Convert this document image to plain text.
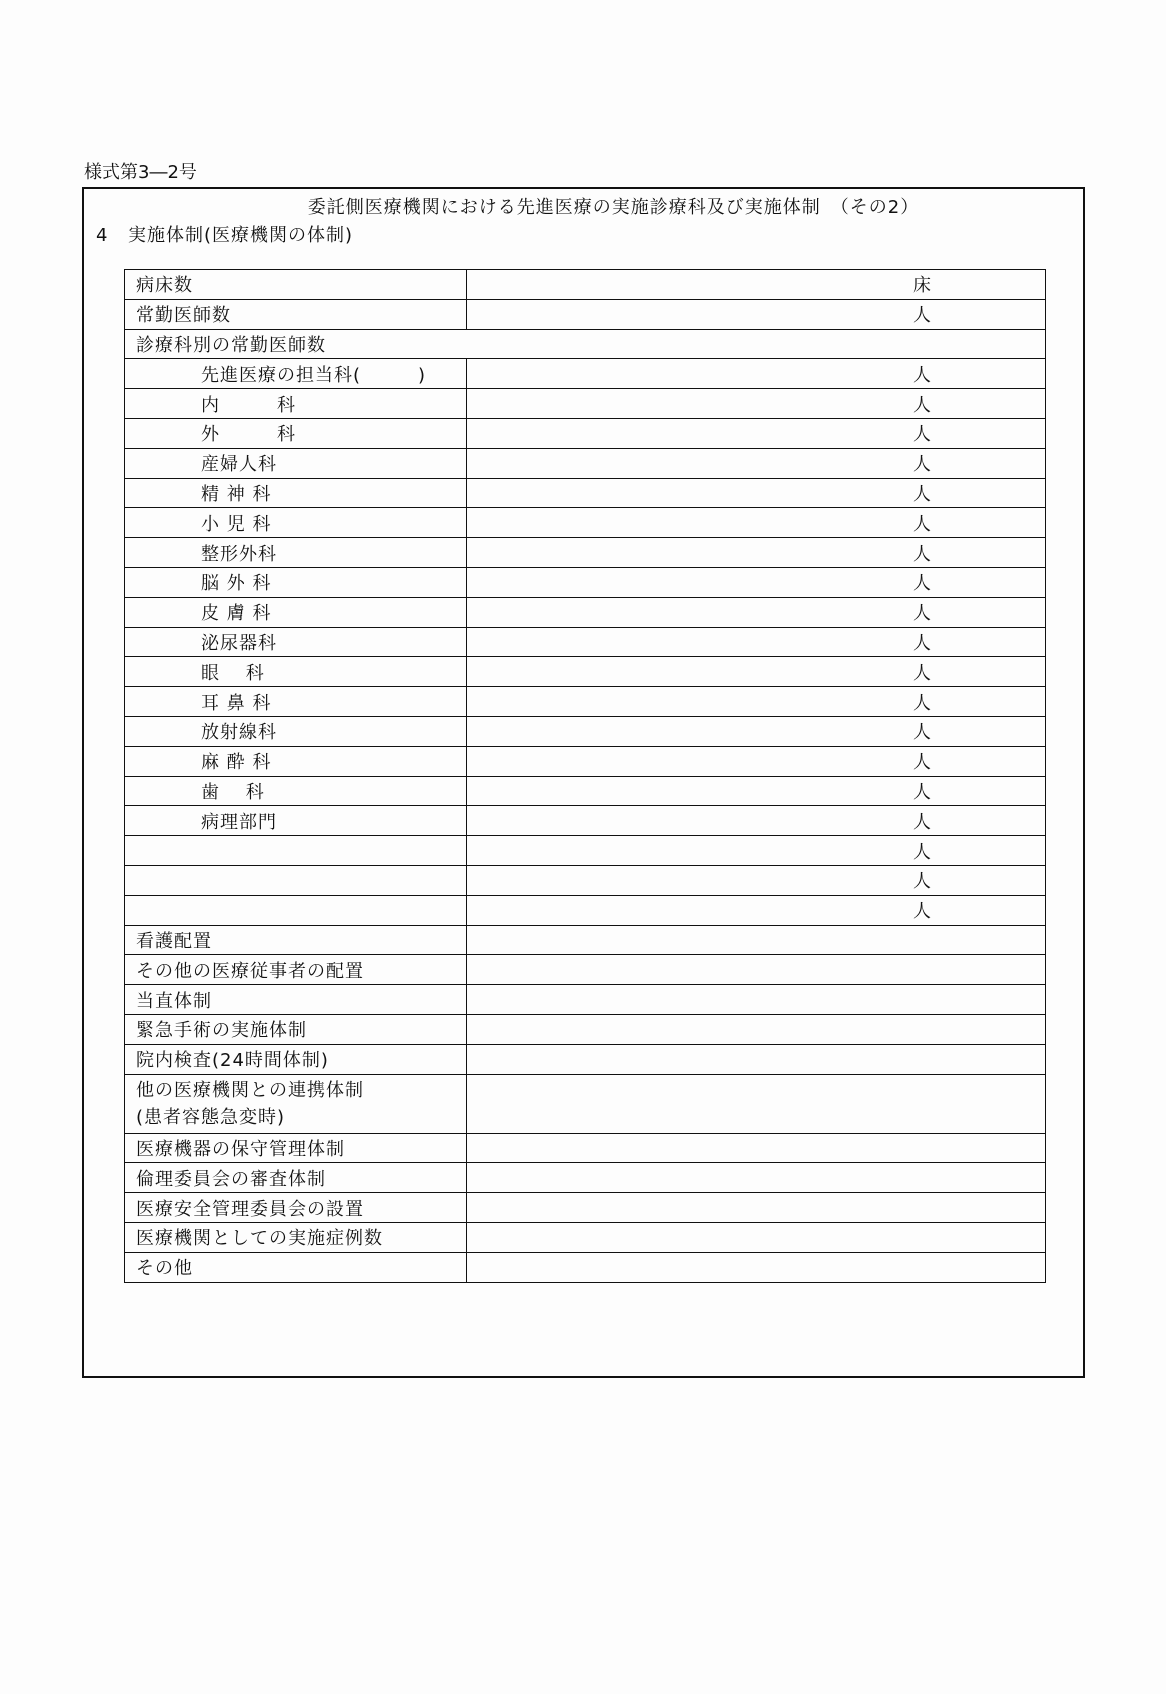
様式第3―2号
委託側医療機関における先進医療の実施診療科及び実施体制　（その2）
4 実施体制(医療機関の体制)
病床数	床
常勤医師数	人
診療科別の常勤医師数	
先進医療の担当科(　　　)	人
内　　　科	人
外　　　科	人
産婦人科	人
精 神 科	人
小 児 科	人
整形外科	人
脳 外 科	人
皮 膚 科	人
泌尿器科	人
眼　 科	人
耳 鼻 科	人
放射線科	人
麻 酔 科	人
歯　 科	人
病理部門	人
	人
	人
	人
看護配置	
その他の医療従事者の配置	
当直体制	
緊急手術の実施体制	
院内検査(24時間体制)	

他の医療機関との連携体制
(患者容態急変時)	

医療機器の保守管理体制	
倫理委員会の審査体制	
医療安全管理委員会の設置	
医療機関としての実施症例数	
その他	
